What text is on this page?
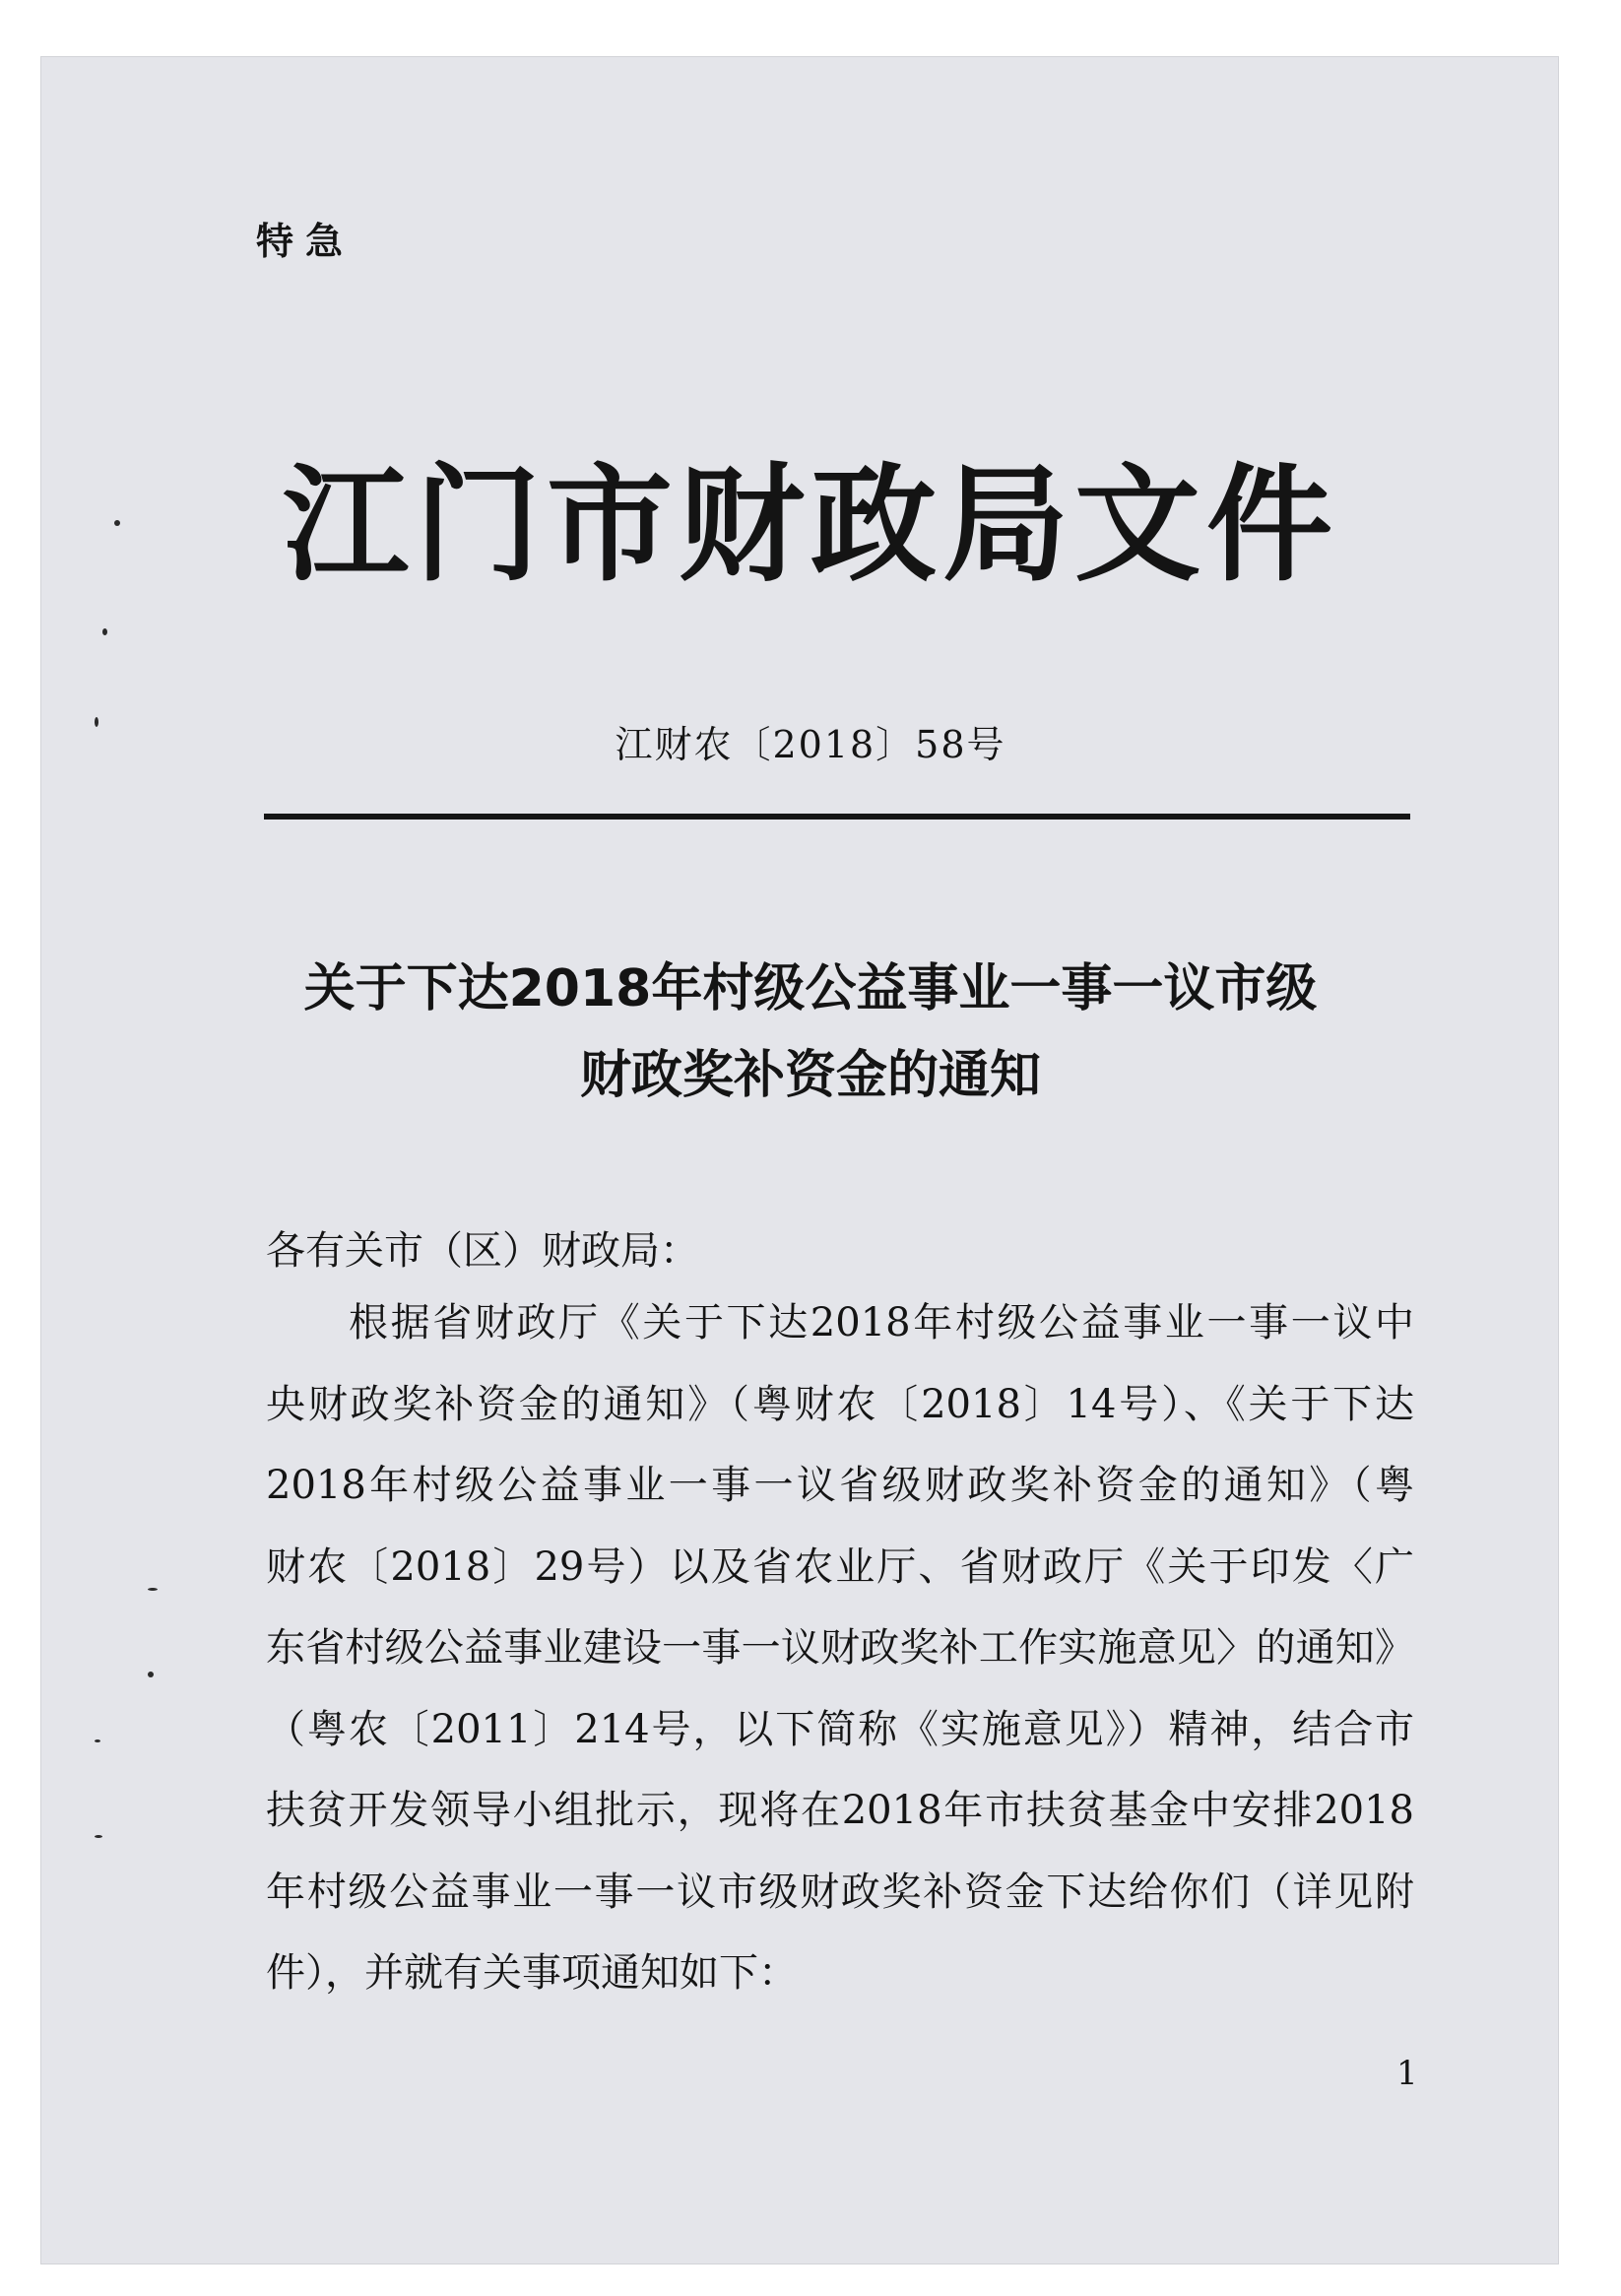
特急
江门市财政局文件
江财农〔2018〕58号
关于下达2018年村级公益事业一事一议市级
财政奖补资金的通知
各有关市（区）财政局：
根据省财政厅《关于下达2018年村级公益事业一事一议中
央财政奖补资金的通知》（粤财农〔2018〕14号）、《关于下达
2018年村级公益事业一事一议省级财政奖补资金的通知》（粤
财农〔2018〕29号）以及省农业厅、省财政厅《关于印发〈广
东省村级公益事业建设一事一议财政奖补工作实施意见〉的通知》
（粤农〔2011〕214号，以下简称《实施意见》）精神，结合市
扶贫开发领导小组批示，现将在2018年市扶贫基金中安排2018
年村级公益事业一事一议市级财政奖补资金下达给你们（详见附
件），并就有关事项通知如下：
1
